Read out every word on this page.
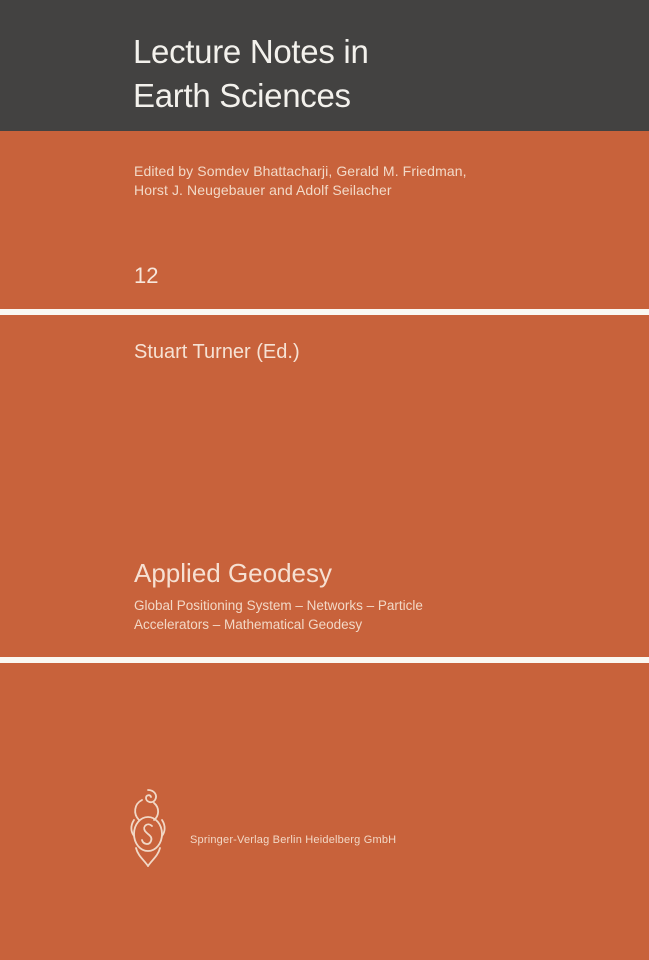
Lecture Notes in
Earth Sciences
Edited by Somdev Bhattacharji, Gerald M. Friedman,
Horst J. Neugebauer and Adolf Seilacher
12
Stuart Turner (Ed.)
Applied Geodesy
Global Positioning System – Networks – Particle
Accelerators – Mathematical Geodesy
Springer-Verlag Berlin Heidelberg GmbH
